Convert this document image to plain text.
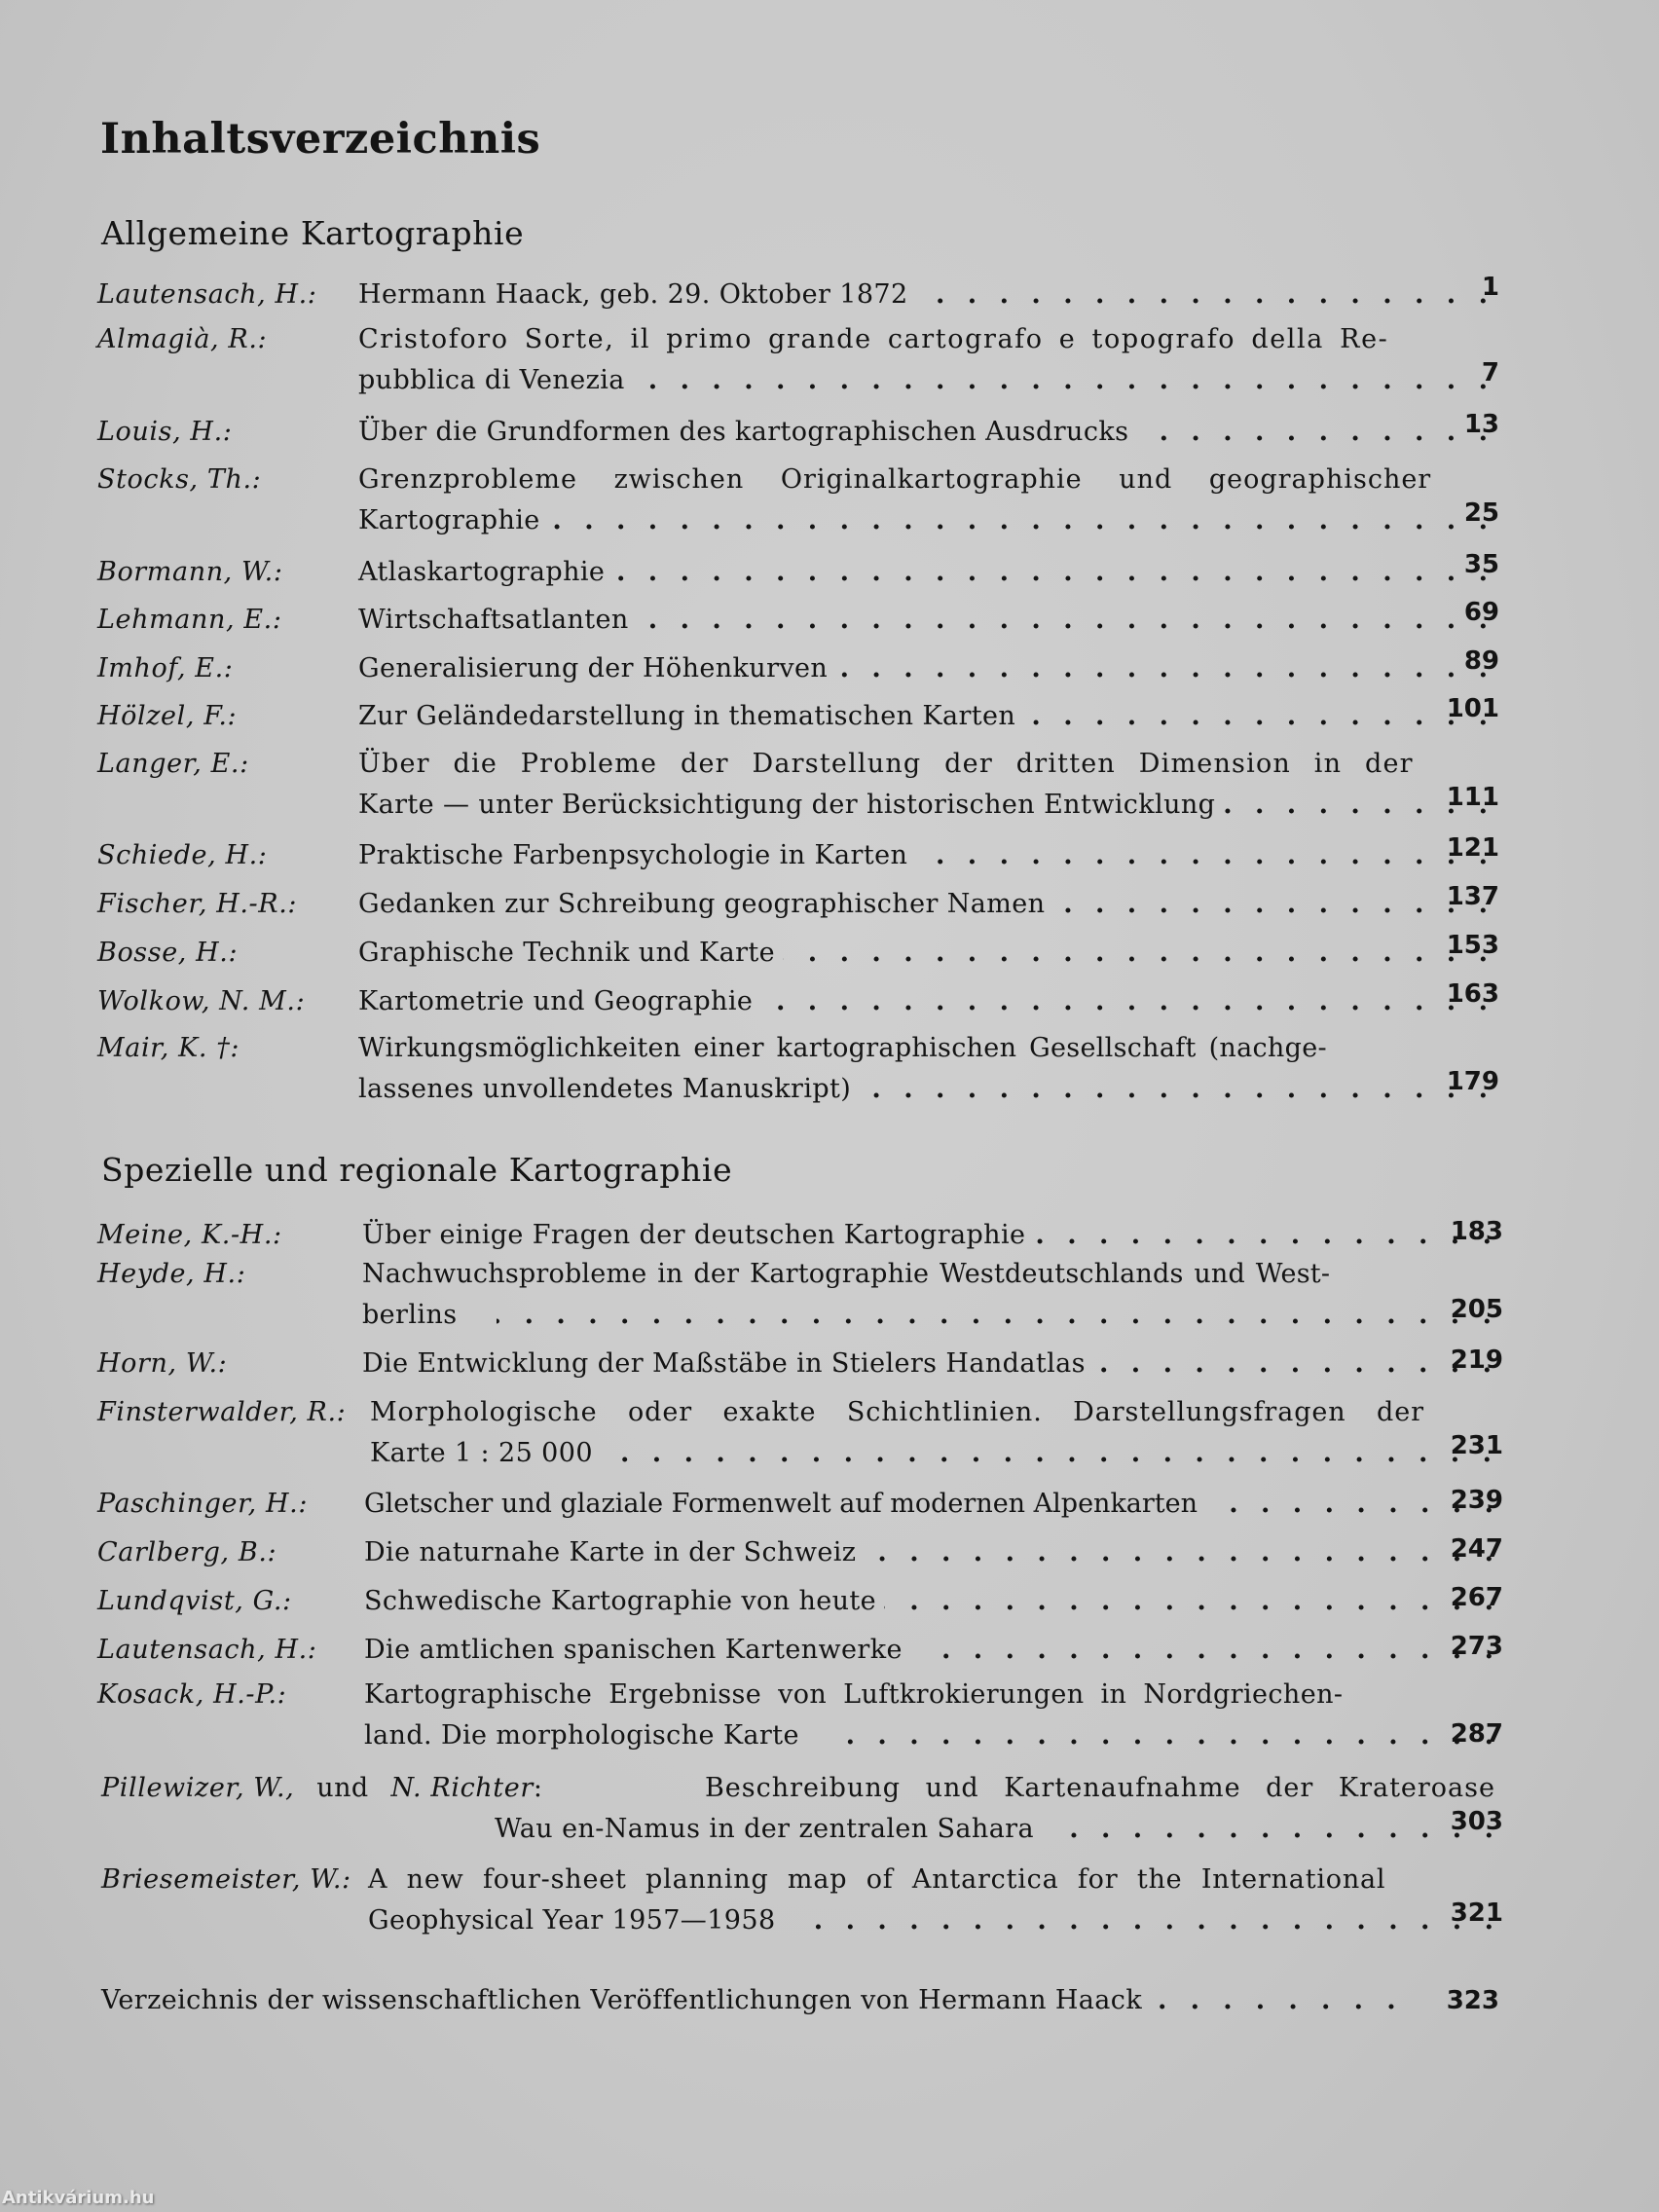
Inhaltsverzeichnis
Allgemeine Kartographie
Lautensach, H.: Hermann Haack, geb. 29. Oktober 1872 . . .	1
Almagià, R.:	Cristoforo Sorte, il primo grande cartografo e topografo della Re-
pubblica di Venezia . . .	7
Louis, H.:	Über die Grundformen des kartographischen Ausdrucks . . .	13
Stocks, Th.:	Grenzprobleme zwischen Originalkartographie und geographischer
Kartographie . . .	25
Bormann, W.:	Atlaskartographie . . .	35
Lehmann, E.:	Wirtschaftsatlanten . . .	69
Imhof, E.:	Generalisierung der Höhenkurven . . .	89
Hölzel, F.:	Zur Geländedarstellung in thematischen Karten . . .	101
Langer, E.:	Über die Probleme der Darstellung der dritten Dimension in der
Karte — unter Berücksichtigung der historischen Entwicklung . . .	111
Schiede, H.:	Praktische Farbenpsychologie in Karten . . .	121
Fischer, H.-R.: Gedanken zur Schreibung geographischer Namen . . .	137
Bosse, H.:	Graphische Technik und Karte . . .	153
Wolkow, N. M.: Kartometrie und Geographie . . .	163
Mair, K. †:	Wirkungsmöglichkeiten einer kartographischen Gesellschaft (nachge-
lassenes unvollendetes Manuskript) . . .	179
Spezielle und regionale Kartographie
Meine, K.-H.:	Über einige Fragen der deutschen Kartographie . . .	183
Heyde, H.:	Nachwuchsprobleme in der Kartographie Westdeutschlands und West-
berlins . . .	205
Horn, W.:	Die Entwicklung der Maßstäbe in Stielers Handatlas . . .	219
Finsterwalder, R.: Morphologische oder exakte Schichtlinien. Darstellungsfragen der
Karte 1 : 25 000 . . .	231
Paschinger, H.: Gletscher und glaziale Formenwelt auf modernen Alpenkarten . . .	239
Carlberg, B.:	Die naturnahe Karte in der Schweiz . . .	247
Lundqvist, G.:	Schwedische Kartographie von heute . . .	267
Lautensach, H.: Die amtlichen spanischen Kartenwerke . . .	273
Kosack, H.-P.:	Kartographische Ergebnisse von Luftkrokierungen in Nordgriechen-
land. Die morphologische Karte . . .	287
Pillewizer, W., und N. Richter:	Beschreibung und Kartenaufnahme der Krateroase
Wau en-Namus in der zentralen Sahara . . .	303
Briesemeister, W.: A new four-sheet planning map of Antarctica for the International
Geophysical Year 1957—1958 . . .	321
Verzeichnis der wissenschaftlichen Veröffentlichungen von Hermann Haack . . .	323
Antikvárium.hu
